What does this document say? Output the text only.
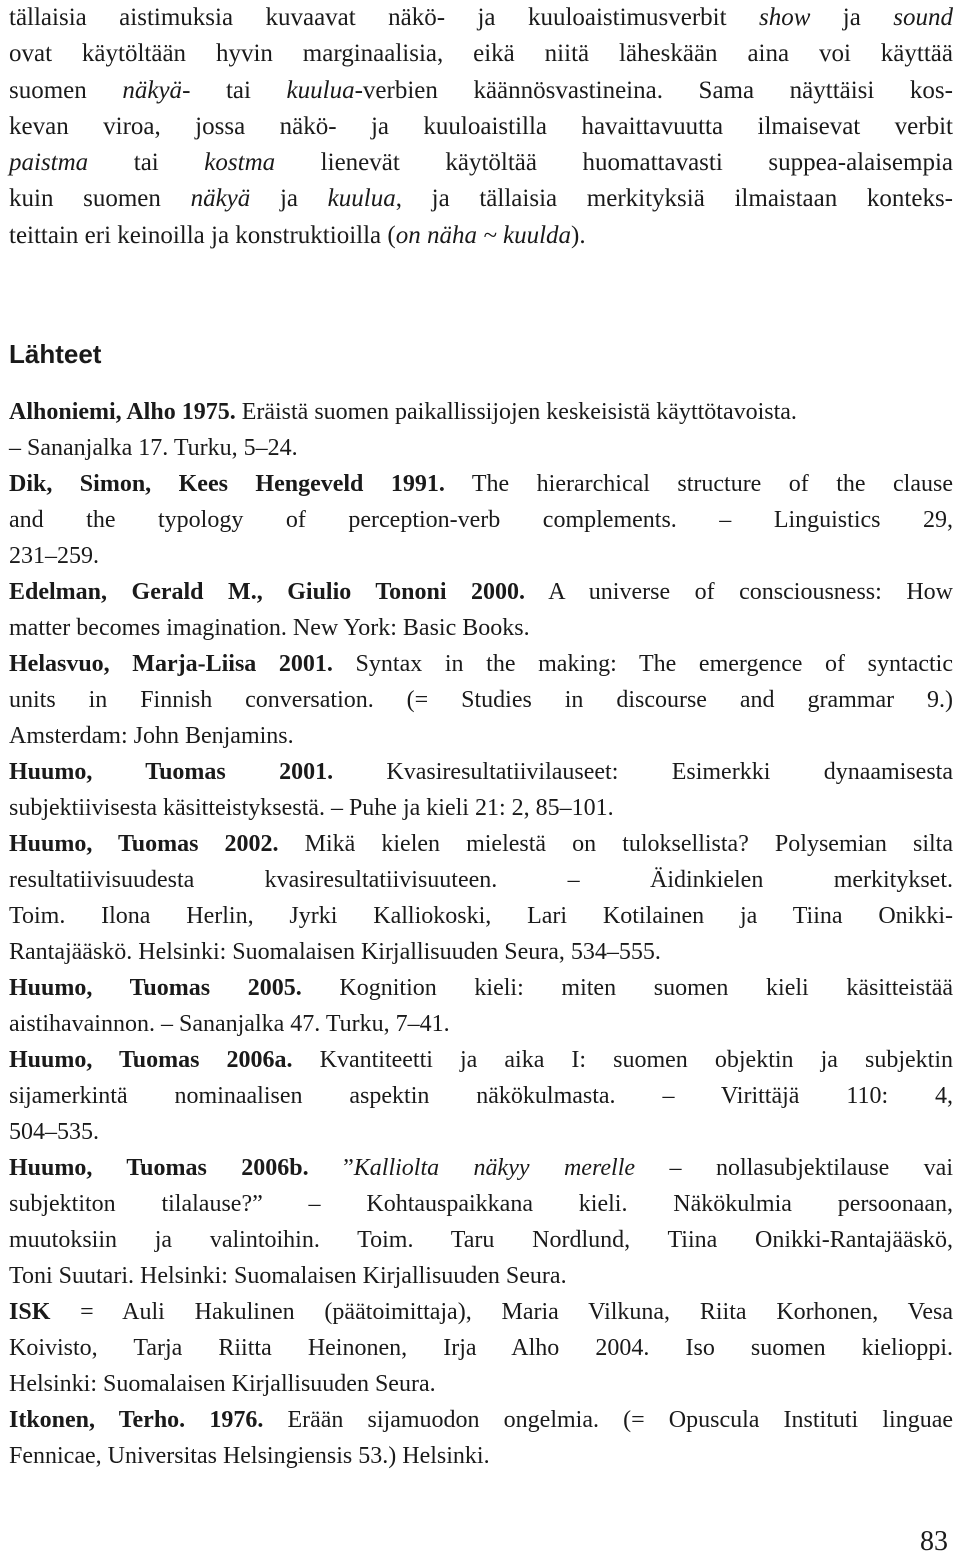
tällaisia aistimuksia kuvaavat näkö- ja kuuloaistimusverbit show ja sound
ovat käytöltään hyvin marginaalisia, eikä niitä läheskään aina voi käyttää
suomen näkyä- tai kuulua-verbien käännösvastineina. Sama näyttäisi kos-
kevan viroa, jossa näkö- ja kuuloaistilla havaittavuutta ilmaisevat verbit
paistma tai kostma lienevät käytöltää huomattavasti suppea-alaisempia
kuin suomen näkyä ja kuulua, ja tällaisia merkityksiä ilmaistaan konteks-
teittain eri keinoilla ja konstruktioilla (on näha ~ kuulda).
Lähteet

Alhoniemi, Alho 1975. Eräistä suomen paikallissijojen keskeisistä käyttötavoista.
– Sananjalka 17. Turku, 5–24.

Dik, Simon, Kees Hengeveld 1991. The hierarchical structure of the clause
and the typology of perception-verb complements. – Linguistics 29,
231–259.

Edelman, Gerald M., Giulio Tononi 2000. A universe of consciousness: How
matter becomes imagination. New York: Basic Books.

Helasvuo, Marja-Liisa 2001. Syntax in the making: The emergence of syntactic
units in Finnish conversation. (= Studies in discourse and grammar 9.)
Amsterdam: John Benjamins.

Huumo, Tuomas 2001. Kvasiresultatiivilauseet: Esimerkki dynaamisesta
subjektiivisesta käsitteistyksestä. – Puhe ja kieli 21: 2, 85–101.

Huumo, Tuomas 2002. Mikä kielen mielestä on tuloksellista? Polysemian silta
resultatiivisuudesta kvasiresultatiivisuuteen. – Äidinkielen merkitykset.
Toim. Ilona Herlin, Jyrki Kalliokoski, Lari Kotilainen ja Tiina Onikki-
Rantajääskö. Helsinki: Suomalaisen Kirjallisuuden Seura, 534–555.

Huumo, Tuomas 2005. Kognition kieli: miten suomen kieli käsitteistää
aistihavainnon. – Sananjalka 47. Turku, 7–41.

Huumo, Tuomas 2006a. Kvantiteetti ja aika I: suomen objektin ja subjektin
sijamerkintä nominaalisen aspektin näkökulmasta. – Virittäjä 110: 4,
504–535.

Huumo, Tuomas 2006b. ”Kalliolta näkyy merelle – nollasubjektilause vai
subjektiton tilalause?” – Kohtauspaikkana kieli. Näkökulmia persoonaan,
muutoksiin ja valintoihin. Toim. Taru Nordlund, Tiina Onikki-Rantajääskö,
Toni Suutari. Helsinki: Suomalaisen Kirjallisuuden Seura.

ISK = Auli Hakulinen (päätoimittaja), Maria Vilkuna, Riita Korhonen, Vesa
Koivisto, Tarja Riitta Heinonen, Irja Alho 2004. Iso suomen kielioppi.
Helsinki: Suomalaisen Kirjallisuuden Seura.

Itkonen, Terho. 1976. Erään sijamuodon ongelmia. (= Opuscula Instituti linguae
Fennicae, Universitas Helsingiensis 53.) Helsinki.

83
